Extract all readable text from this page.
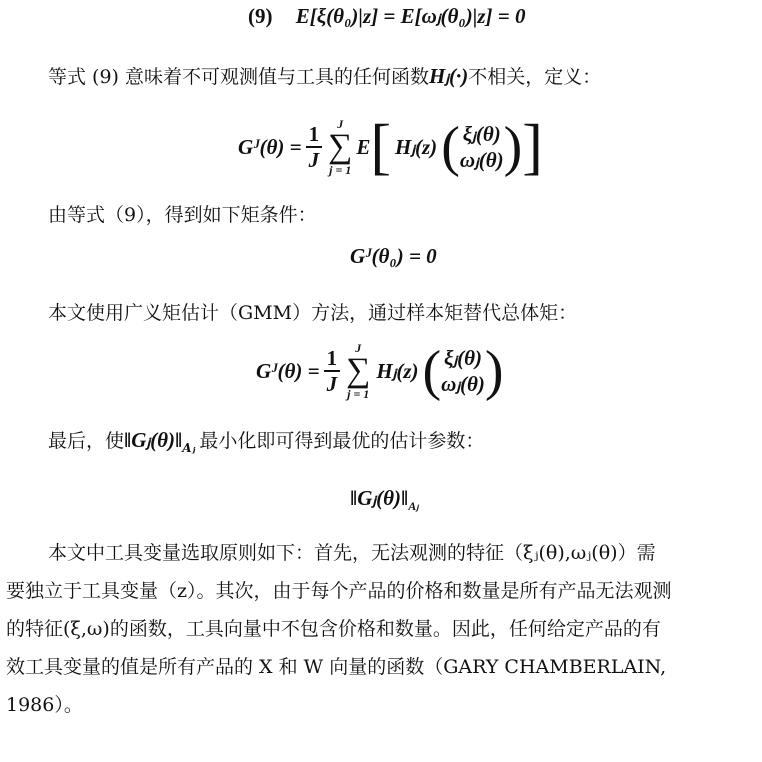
(9) E[ξ(θ₀)|z] = E[ωⱼ(θ₀)|z] = 0
等式 (9) 意味着不可观测值与工具的任何函数Hⱼ(·)不相关，定义：
Gᴶ(θ) = $\frac{1}{J}$ J
∑
j = 1
E [ Hⱼ(z) ( ξⱼ(θ)
ωⱼ(θ) ) ]
由等式（9），得到如下矩条件：
Gᴶ(θ₀) = 0
本文使用广义矩估计（GMM）方法，通过样本矩替代总体矩：
Gᴶ(θ) = $\frac{1}{J}$ J
∑
j = 1
Hⱼ(z) ( ξⱼ(θ)
ωⱼ(θ) )
最后，使$‖Gⱼ(\theta)‖_{Aⱼ}$ 最小化即可得到最优的估计参数：
$‖Gⱼ(\theta)‖_{Aⱼ}$
本文中工具变量选取原则如下：首先，无法观测的特征（ξⱼ(θ),ωⱼ(θ)）需
要独立于工具变量（z）。其次，由于每个产品的价格和数量是所有产品无法观测
的特征(ξ,ω)的函数，工具向量中不包含价格和数量。因此，任何给定产品的有
效工具变量的值是所有产品的 X 和 W 向量的函数（GARY CHAMBERLAIN,
1986）。
